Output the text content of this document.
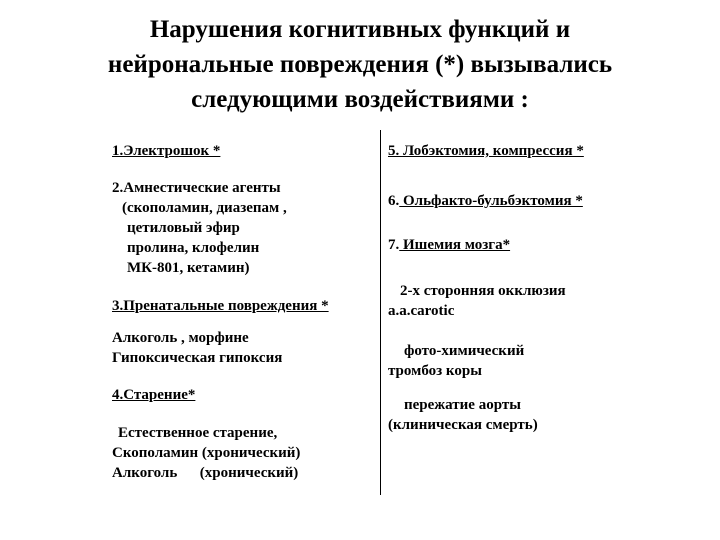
Нарушения когнитивных функций и
нейрональные повреждения (*) вызывались
следующими воздействиями :
1.Электрошок *
2.Амнестические агенты
(скополамин, диазепам ,
цетиловый эфир
пролина, клофелин
МК-801, кетамин)
3.Пренатальные повреждения *
Алкоголь , морфине
Гипоксическая гипоксия
4.Старение*
Естественное старение,
Скополамин (хронический)
Алкоголь      (хронический)
5. Лобэктомия, компрессия *
6. Ольфакто-бульбэктомия *
7. Ишемия мозга*
2-х сторонняя окклюзия
a.a.carotic
фото-химический
тромбоз коры
пережатие аорты
(клиническая смерть)
